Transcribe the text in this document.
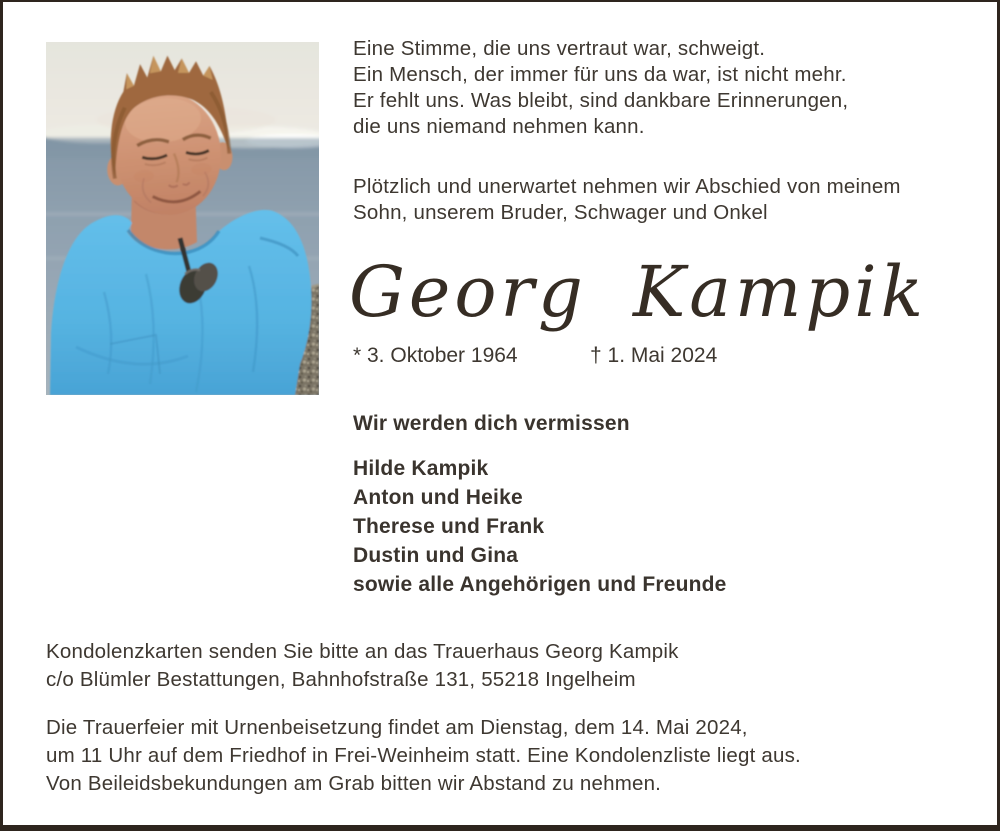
Eine Stimme, die uns vertraut war, schweigt.
Ein Mensch, der immer für uns da war, ist nicht mehr.
Er fehlt uns. Was bleibt, sind dankbare Erinnerungen,
die uns niemand nehmen kann.
Plötzlich und unerwartet nehmen wir Abschied von meinem
Sohn, unserem Bruder, Schwager und Onkel
Georg Kampik
* 3. Oktober 1964	† 1. Mai 2024
Wir werden dich vermissen
Hilde Kampik
Anton und Heike
Therese und Frank
Dustin und Gina
sowie alle Angehörigen und Freunde
Kondolenzkarten senden Sie bitte an das Trauerhaus Georg Kampik
c/o Blümler Bestattungen, Bahnhofstraße 131, 55218 Ingelheim
Die Trauerfeier mit Urnenbeisetzung findet am Dienstag, dem 14. Mai 2024,
um 11 Uhr auf dem Friedhof in Frei-Weinheim statt. Eine Kondolenzliste liegt aus.
Von Beileidsbekundungen am Grab bitten wir Abstand zu nehmen.
